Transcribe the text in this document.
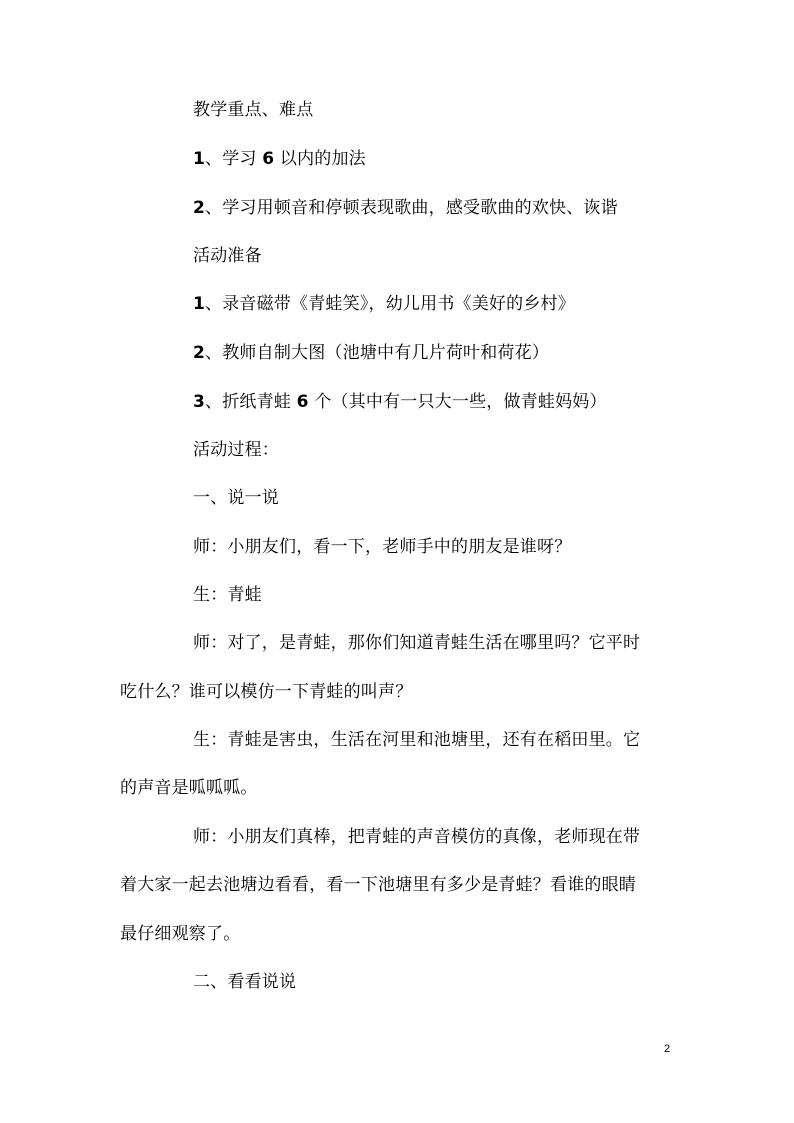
教学重点、难点
1、学习 6 以内的加法
2、学习用顿音和停顿表现歌曲，感受歌曲的欢快、诙谐
活动准备
1、录音磁带《青蛙笑》，幼儿用书《美好的乡村》
2、教师自制大图（池塘中有几片荷叶和荷花）
3、折纸青蛙 6 个（其中有一只大一些，做青蛙妈妈）
活动过程：
一、说一说
师：小朋友们，看一下，老师手中的朋友是谁呀？
生：青蛙
师：对了，是青蛙，那你们知道青蛙生活在哪里吗？它平时
吃什么？谁可以模仿一下青蛙的叫声？
生：青蛙是害虫，生活在河里和池塘里，还有在稻田里。它
的声音是呱呱呱。
师：小朋友们真棒，把青蛙的声音模仿的真像，老师现在带
着大家一起去池塘边看看，看一下池塘里有多少是青蛙？看谁的眼睛
最仔细观察了。
二、看看说说
2
